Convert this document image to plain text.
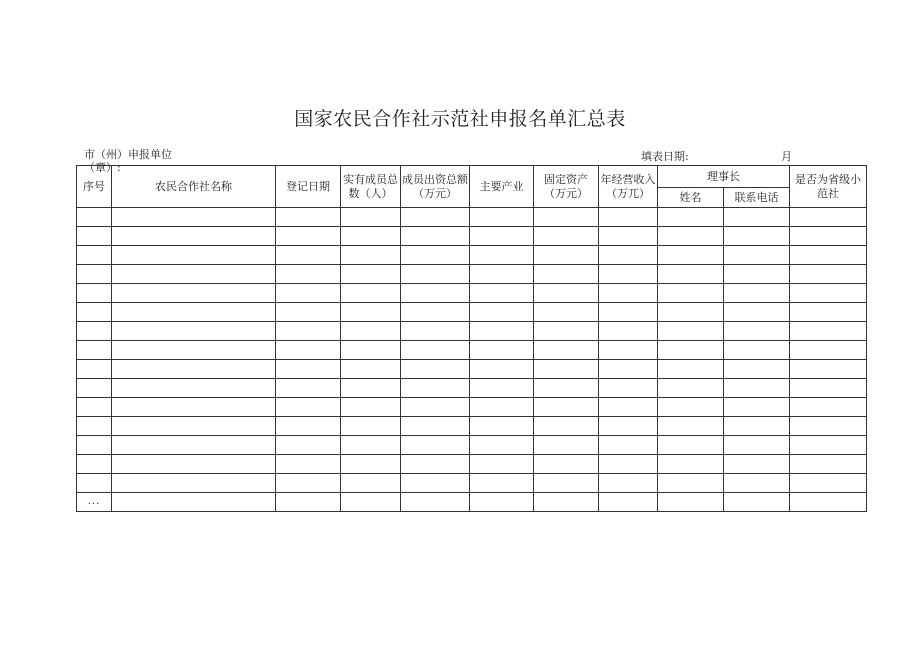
国家农民合作社示范社申报名单汇总表
市（州）申报单位
（章）:
填表日期:	月
序号	农民合作社名称	登记日期	实有成员总数（人）	成员出资总额（万元）	主要产业	固定资产（万元）	年经营收入（万兀）	理事长		是否为省级小范社
								姓名	联系电话	

...										
